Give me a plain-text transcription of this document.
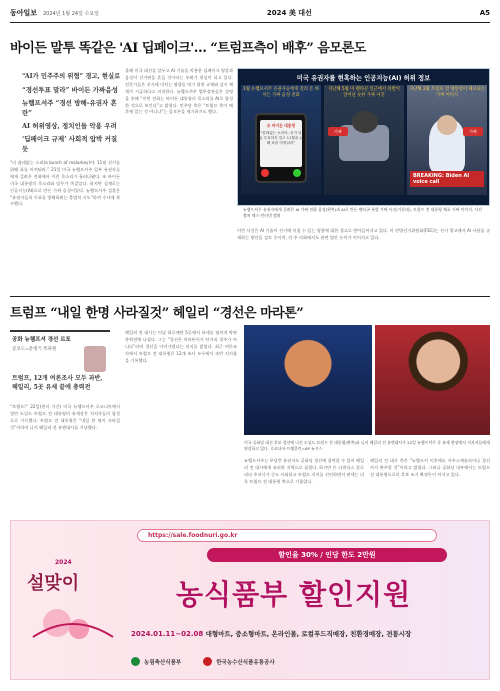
동아일보 2024년 1월 24일 수요일	2024 美 대선	A5
바이든 말투 똑같은 'AI 딥페이크'… “트럼프측이 배후” 음모론도
“AI가 민주주의 위협” 경고, 현실로
“경선투표 말라” 바이든 가짜음성
뉴햄프셔주 “경선 방해-유권자 혼란”
AI 허위영상, 정치인들 악용 우려
‘딥페이크 규제’ 사회적 압박 커질듯
“다 쓸데없는 소리(a bunch of malarkey)야. 11월 선거를 위해 표를 아껴둬라.” 21일 미국 뉴햄프셔주 일부 유권자들에게 걸려온 전화에서 이런 목소리가 흘러나왔다. 조 바이든 미국 대통령의 목소리와 말투가 똑같았다. 하지만 실제로는 인공지능(AI)으로 만든 가짜 음성이었다. 뉴햄프셔주 검찰은 “유권자들의 투표를 방해하려는 불법적 시도”라며 수사에 착수했다.
올해 미국 대선을 앞두고 AI 기술을 악용한 딥페이크 영상과 음성이 선거판을 흔들 것이라는 우려가 현실이 되고 있다. 전문가들은 선거에 미치는 영향을 막기 위한 규제와 감시 체계가 시급하다고 지적한다. 뉴햄프셔주 법무장관실은 성명을 통해 “이번 전화는 바이든 대통령의 목소리를 AI로 합성한 것으로 보인다”고 밝혔다. 민주당 측은 “트럼프 측이 배후에 있는 것 아니냐”는 음모론을 제기하기도 했다.
미국 유권자를 현혹하는 인공지능(AI) 허위 정보
1월 뉴햄프셔주 유권자들에게 걸려 온 바이든 가짜 음성 전화
조 바이든 대통령
“쓸데없는 소리야. 선거 당일 투표하지 말고 11월을 위해 표를 아껴둬라”
지난해 5월 미 펜타곤 인근에서 폭발이 일어난 듯한 가짜 사진
가짜
지난해 2월 트럼프 전 대통령이 체포되는 가짜 이미지
가짜
BREAKING: Biden AI voice call
뉴햄프셔주 유권자에게 걸려온 AI 가짜 전화 음성(왼쪽)과 AI로 만든 펜타곤 폭발 가짜 사진(가운데), 트럼프 전 대통령 체포 가짜 이미지. 사진 출처 엑스·인터넷 캡처
이번 사건은 AI 기술이 선거에 미칠 수 있는 영향에 대한 경고로 받아들여지고 있다. 미 연방선거위원회(FEC)는 선거 광고에서 AI 사용을 규제하는 방안을 검토 중이며, 각 주 의회에서도 관련 법안 논의가 이어지고 있다.
트럼프 “내일 한명 사라질것” 헤일리 “경선은 마라톤”
공화 뉴햄프셔 경선 르포
콩코드=문병기 특파원
트럼프, 12개 여론조사 모두 과반,
헤일리, 5곳 유세 끝에 총력전
“트럼프!” 22일(현지 시간) 미국 뉴햄프셔주 로코니아에서 열린 도널드 트럼프 전 대통령의 유세장은 지지자들의 함성으로 가득했다. 트럼프 전 대통령은 “내일 한 명이 사라질 것”이라며 니키 헤일리 전 유엔대사를 겨냥했다.
헤일리 전 대사는 이날 하루에만 5곳에서 유세를 펼치며 막판 총력전에 나섰다. 그는 “경선은 마라톤이지 단거리 경주가 아니다”라며 경선을 이어가겠다는 의지를 밝혔다. 최근 여론조사에서 트럼프 전 대통령은 12개 조사 모두에서 과반 지지율을 기록했다.
미국 공화당 대선 후보 경선에 나선 도널드 트럼프 전 대통령(왼쪽)과 니키 헤일리 전 유엔대사가 22일 뉴햄프셔주 각 유세 현장에서 지지자들에게 연설하고 있다. 로코니아·프랭클린=AP 뉴시스
뉴햄프셔주는 무당층 유권자도 공화당 경선에 참여할 수 있어 헤일리 전 대사에게 유리한 지역으로 꼽혔다. 하지만 론 디샌티스 플로리다 주지사가 중도 사퇴하고 트럼프 지지를 선언하면서 판세는 더욱 트럼프 전 대통령 쪽으로 기울었다.
헤일리 전 대사 측은 “뉴햄프셔 이후에도 사우스캐롤라이나 경선까지 완주할 것”이라고 밝혔다. 그러나 공화당 내부에서는 트럼프 전 대통령으로의 후보 조기 확정론이 커지고 있다.
2024
설맞이
https://sale.foodnuri.go.kr
할인율 30% / 인당 한도 2만원
농식품부 할인지원
2024.01.11~02.08 대형마트, 중소형마트, 온라인몰, 로컬푸드직매장, 친환경매장, 전통시장
농림축산식품부	한국농수산식품유통공사
